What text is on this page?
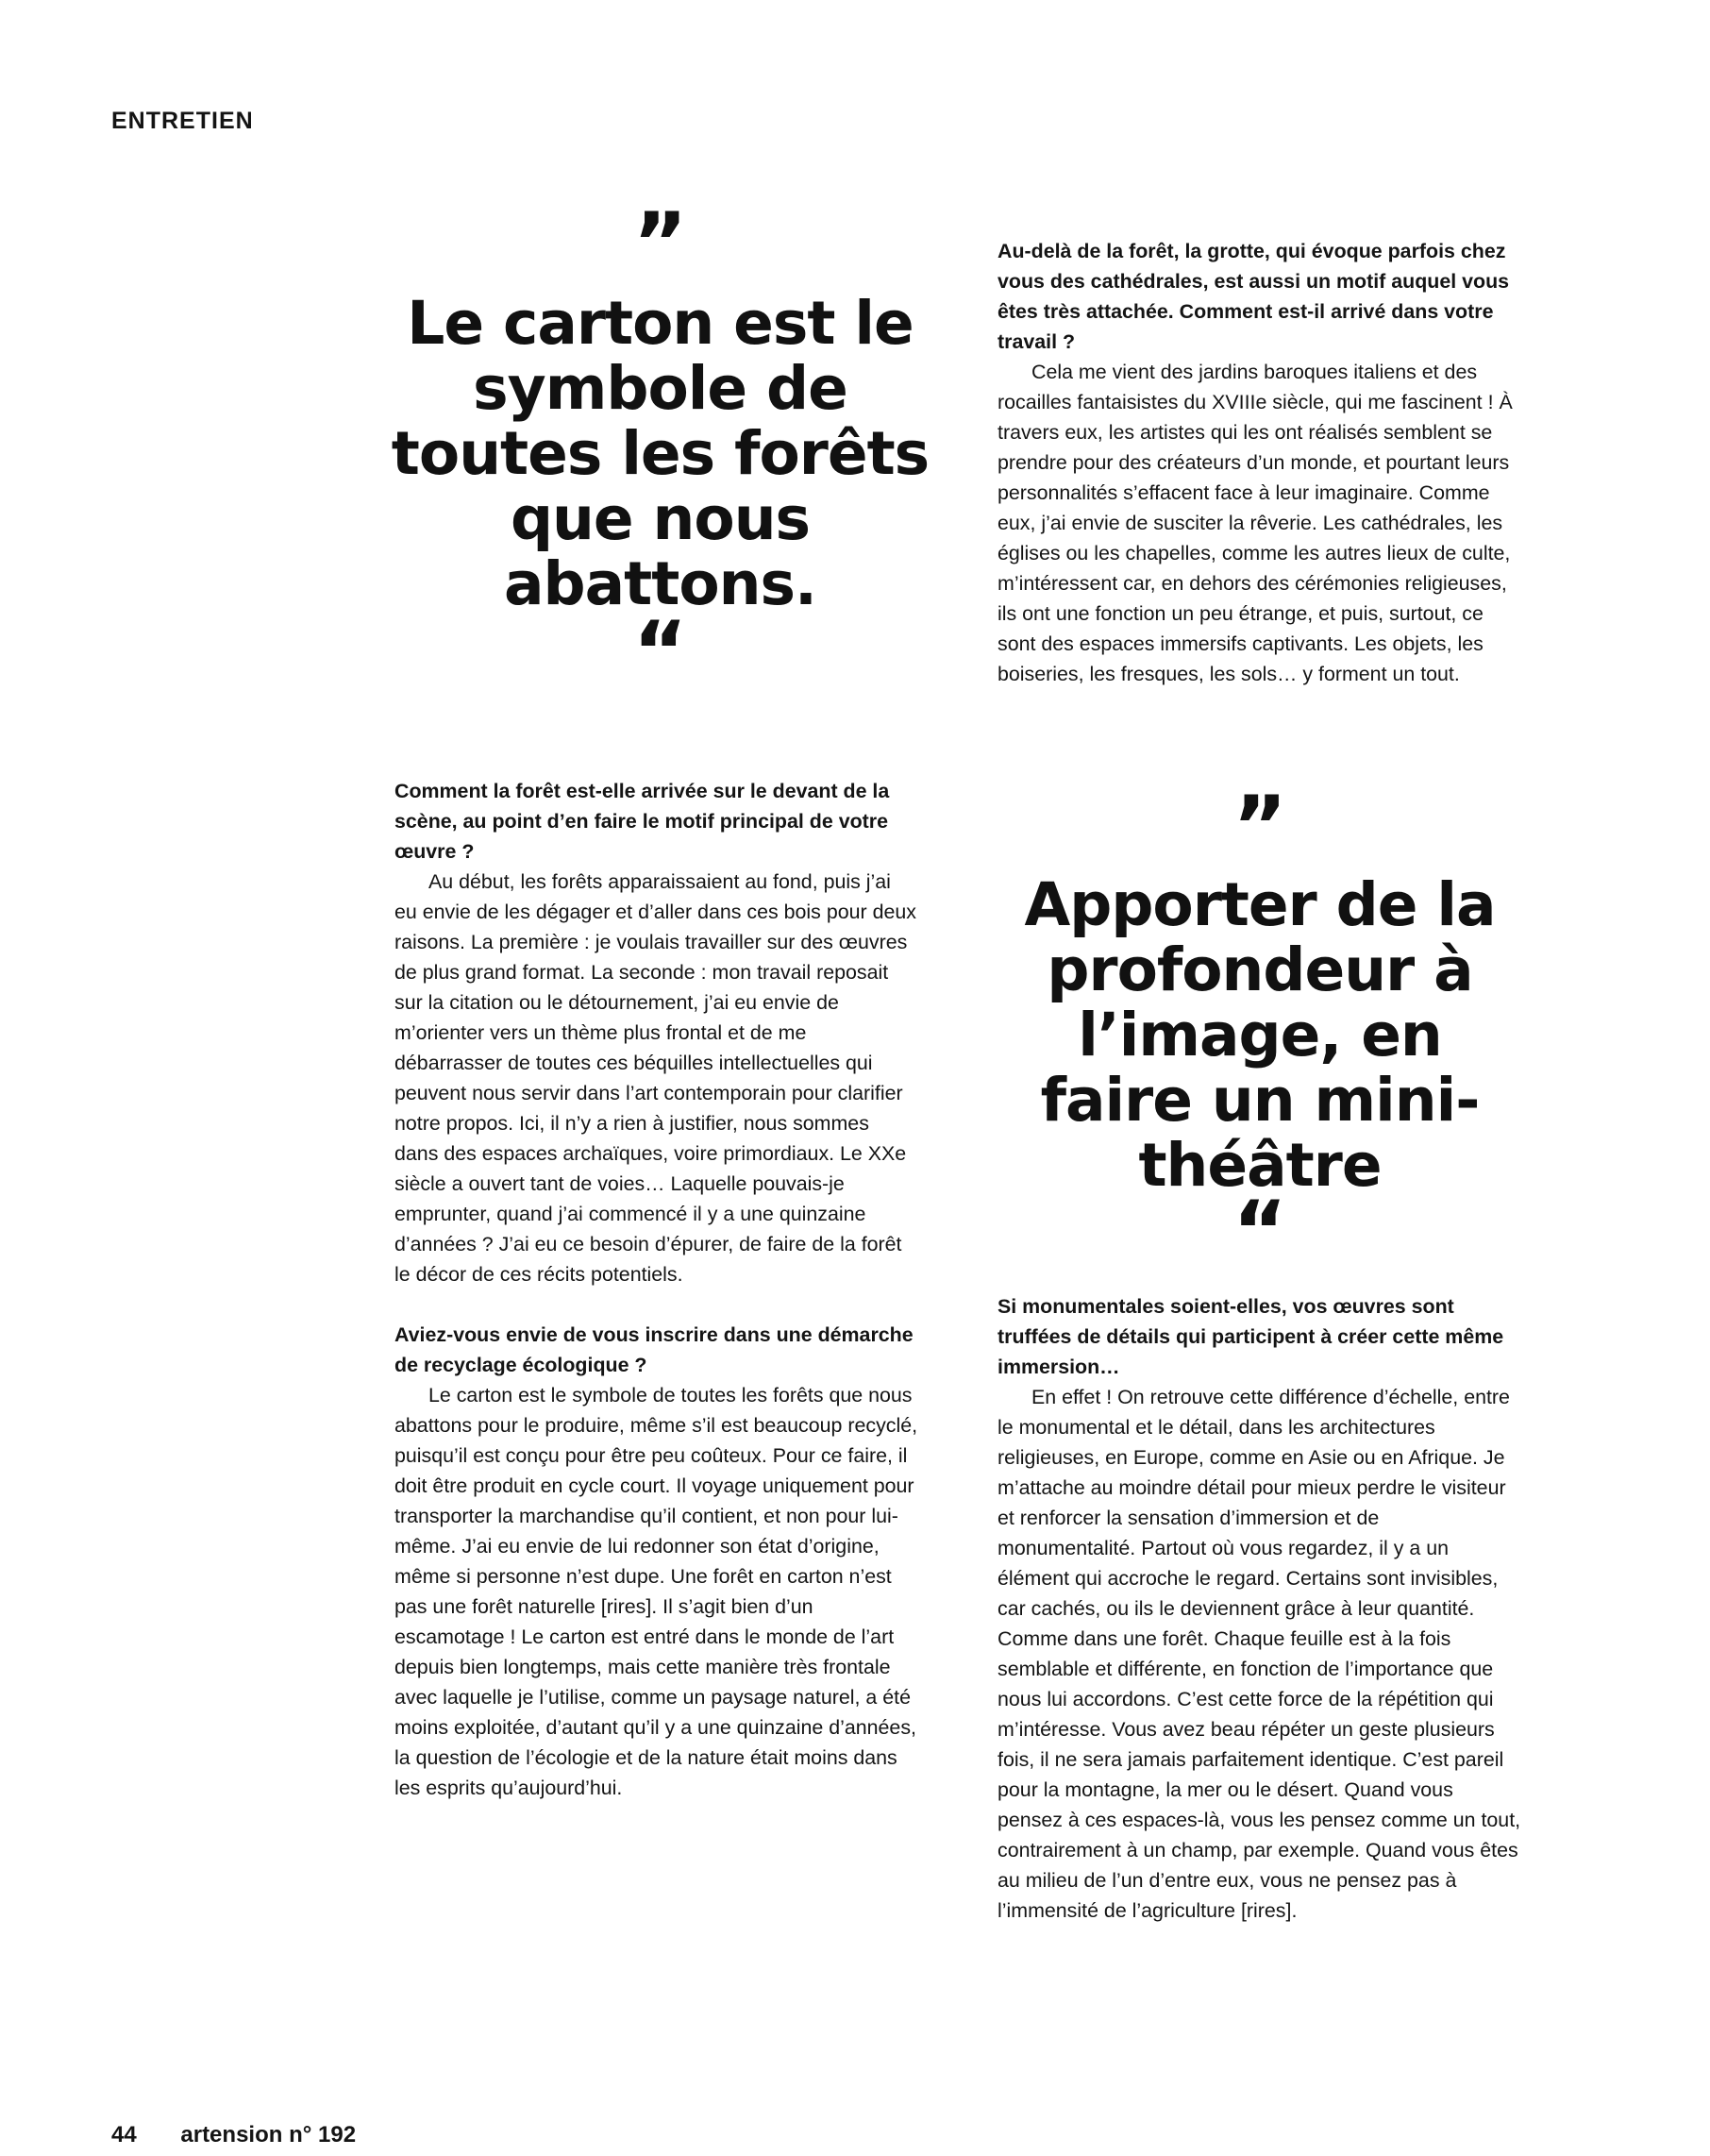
ENTRETIEN
”
Le carton est le symbole de toutes les forêts que nous abattons.
“

Comment la forêt est-elle arrivée sur le devant de la scène, au point d’en faire le motif principal de votre œuvre ?

Au début, les forêts apparaissaient au fond, puis j’ai eu envie de les dégager et d’aller dans ces bois pour deux raisons. La première : je voulais travailler sur des œuvres de plus grand format. La seconde : mon travail reposait sur la citation ou le détournement, j’ai eu envie de m’orienter vers un thème plus frontal et de me débarrasser de toutes ces béquilles intellectuelles qui peuvent nous servir dans l’art contemporain pour clarifier notre propos. Ici, il n’y a rien à justifier, nous sommes dans des espaces archaïques, voire primordiaux. Le XXe siècle a ouvert tant de voies… Laquelle pouvais-je emprunter, quand j’ai commencé il y a une quinzaine d’années ? J’ai eu ce besoin d’épurer, de faire de la forêt le décor de ces récits potentiels.

Aviez-vous envie de vous inscrire dans une démarche de recyclage écologique ?

Le carton est le symbole de toutes les forêts que nous abattons pour le produire, même s’il est beaucoup recyclé, puisqu’il est conçu pour être peu coûteux. Pour ce faire, il doit être produit en cycle court. Il voyage uniquement pour transporter la marchandise qu’il contient, et non pour lui-même. J’ai eu envie de lui redonner son état d’origine, même si personne n’est dupe. Une forêt en carton n’est pas une forêt naturelle [rires]. Il s’agit bien d’un escamotage ! Le carton est entré dans le monde de l’art depuis bien longtemps, mais cette manière très frontale avec laquelle je l’utilise, comme un paysage naturel, a été moins exploitée, d’autant qu’il y a une quinzaine d’années, la question de l’écologie et de la nature était moins dans les esprits qu’aujourd’hui.

Au-delà de la forêt, la grotte, qui évoque parfois chez vous des cathédrales, est aussi un motif auquel vous êtes très attachée. Comment est-il arrivé dans votre travail ?

Cela me vient des jardins baroques italiens et des rocailles fantaisistes du XVIIIe siècle, qui me fascinent ! À travers eux, les artistes qui les ont réalisés semblent se prendre pour des créateurs d’un monde, et pourtant leurs personnalités s’effacent face à leur imaginaire. Comme eux, j’ai envie de susciter la rêverie. Les cathédrales, les églises ou les chapelles, comme les autres lieux de culte, m’intéressent car, en dehors des cérémonies religieuses, ils ont une fonction un peu étrange, et puis, surtout, ce sont des espaces immersifs captivants. Les objets, les boiseries, les fresques, les sols… y forment un tout.

”
Apporter de la profondeur à l’image, en faire un mini-théâtre
“

Si monumentales soient-elles, vos œuvres sont truffées de détails qui participent à créer cette même immersion…

En effet ! On retrouve cette différence d’échelle, entre le monumental et le détail, dans les architectures religieuses, en Europe, comme en Asie ou en Afrique. Je m’attache au moindre détail pour mieux perdre le visiteur et renforcer la sensation d’immersion et de monumentalité. Partout où vous regardez, il y a un élément qui accroche le regard. Certains sont invisibles, car cachés, ou ils le deviennent grâce à leur quantité. Comme dans une forêt. Chaque feuille est à la fois semblable et différente, en fonction de l’importance que nous lui accordons. C’est cette force de la répétition qui m’intéresse. Vous avez beau répéter un geste plusieurs fois, il ne sera jamais parfaitement identique. C’est pareil pour la montagne, la mer ou le désert. Quand vous pensez à ces espaces-là, vous les pensez comme un tout, contrairement à un champ, par exemple. Quand vous êtes au milieu de l’un d’entre eux, vous ne pensez pas à l’immensité de l’agriculture [rires].

44 artension n° 192
